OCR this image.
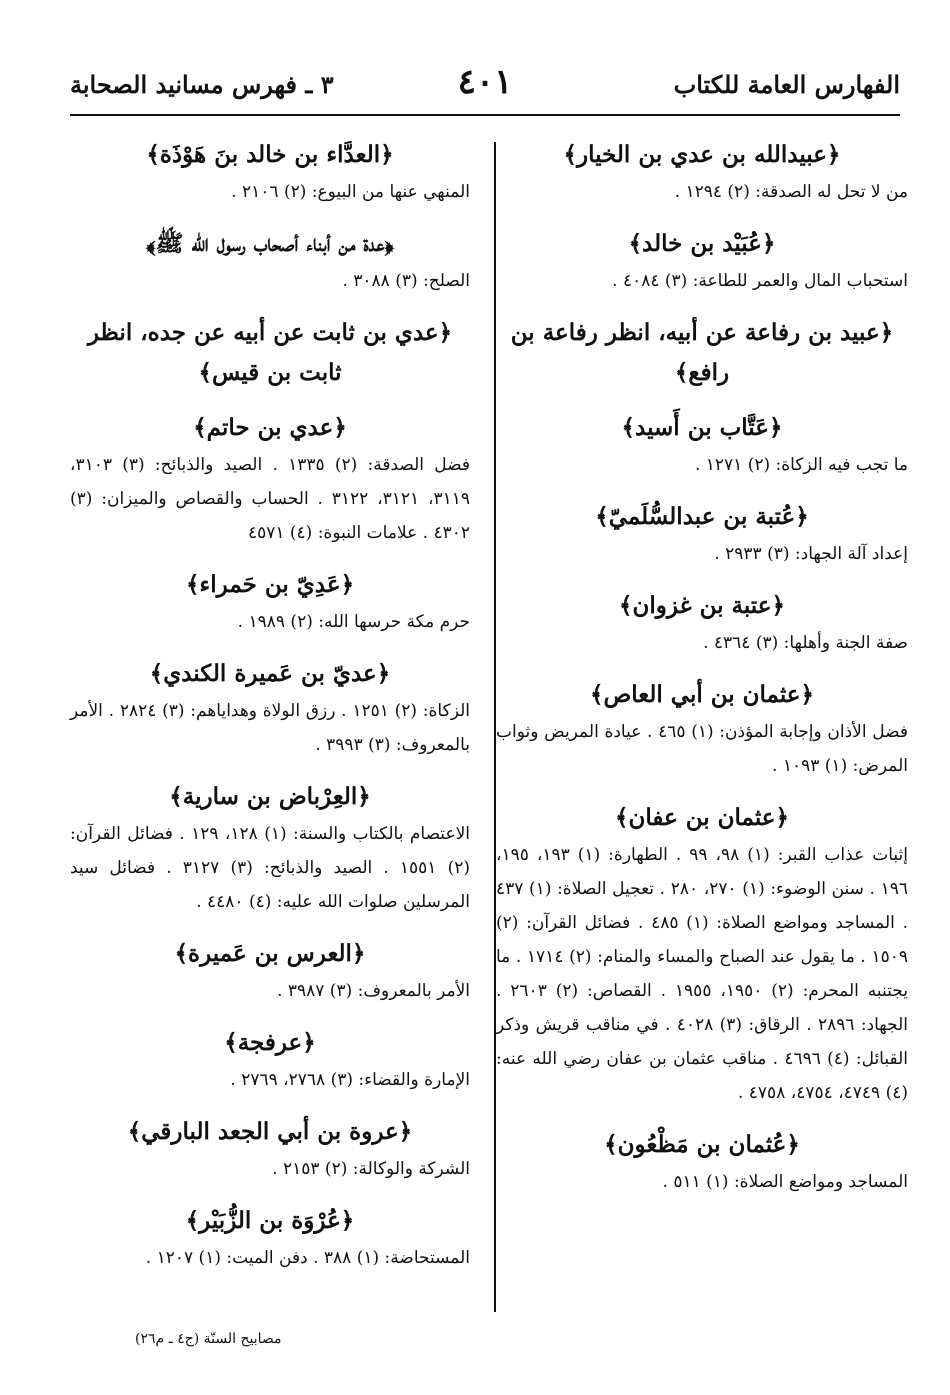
الفهارس العامة للكتاب
٤٠١
٣ ـ فهرس مسانيد الصحابة
﴿عبيدالله بن عدي بن الخيار﴾
من لا تحل له الصدقة: (٢) ١٢٩٤ .
﴿عُبَيْد بن خالد﴾
استحباب المال والعمر للطاعة: (٣) ٤٠٨٤ .
﴿عبيد بن رفاعة عن أبيه، انظر رفاعة بن رافع﴾
﴿عَتَّاب بن أَسيد﴾
ما تجب فيه الزكاة: (٢) ١٢٧١ .
﴿عُتبة بن عبدالسُّلَميّ﴾
إعداد آلة الجهاد: (٣) ٢٩٣٣ .
﴿عتبة بن غزوان﴾
صفة الجنة وأهلها: (٣) ٤٣٦٤ .
﴿عثمان بن أبي العاص﴾
فضل الأذان وإجابة المؤذن: (١) ٤٦٥ . عيادة المريض وثواب المرض: (١) ١٠٩٣ .
﴿عثمان بن عفان﴾
إثبات عذاب القبر: (١) ٩٨، ٩٩ . الطهارة: (١) ١٩٣، ١٩٥، ١٩٦ . سنن الوضوء: (١) ٢٧٠، ٢٨٠ . تعجيل الصلاة: (١) ٤٣٧ . المساجد ومواضع الصلاة: (١) ٤٨٥ . فضائل القرآن: (٢) ١٥٠٩ . ما يقول عند الصباح والمساء والمنام: (٢) ١٧١٤ . ما يجتنبه المحرم: (٢) ١٩٥٠، ١٩٥٥ . القصاص: (٢) ٢٦٠٣ . الجهاد: ٢٨٩٦ . الرقاق: (٣) ٤٠٢٨ . في مناقب قريش وذكر القبائل: (٤) ٤٦٩٦ . مناقب عثمان بن عفان رضي الله عنه: (٤) ٤٧٤٩، ٤٧٥٤، ٤٧٥٨ .
﴿عُثمان بن مَظْعُون﴾
المساجد ومواضع الصلاة: (١) ٥١١ .
﴿العدَّاء بن خالد بنَ هَوْذَة﴾
المنهي عنها من البيوع: (٢) ٢١٠٦ .
﴿عدة من أبناء أصحاب رسول الله ﷺ﴾
الصلح: (٣) ٣٠٨٨ .
﴿عدي بن ثابت عن أبيه عن جده، انظر ثابت بن قيس﴾
﴿عدي بن حاتم﴾
فضل الصدقة: (٢) ١٣٣٥ . الصيد والذبائح: (٣) ٣١٠٣، ٣١١٩، ٣١٢١، ٣١٢٢ . الحساب والقصاص والميزان: (٣) ٤٣٠٢ . علامات النبوة: (٤) ٤٥٧١
﴿عَدِيّ بن حَمراء﴾
حرم مكة حرسها الله: (٢) ١٩٨٩ .
﴿عديّ بن عَميرة الكندي﴾
الزكاة: (٢) ١٢٥١ . رزق الولاة وهداياهم: (٣) ٢٨٢٤ . الأمر بالمعروف: (٣) ٣٩٩٣ .
﴿العِرْباض بن سارية﴾
الاعتصام بالكتاب والسنة: (١) ١٢٨، ١٢٩ . فضائل القرآن: (٢) ١٥٥١ . الصيد والذبائح: (٣) ٣١٢٧ . فضائل سيد المرسلين صلوات الله عليه: (٤) ٤٤٨٠ .
﴿العرس بن عَميرة﴾
الأمر بالمعروف: (٣) ٣٩٨٧ .
﴿عرفجة﴾
الإمارة والقضاء: (٣) ٢٧٦٨، ٢٧٦٩ .
﴿عروة بن أبي الجعد البارقي﴾
الشركة والوكالة: (٢) ٢١٥٣ .
﴿عُرْوَة بن الزُّبَيْر﴾
المستحاضة: (١) ٣٨٨ . دفن الميت: (١) ١٢٠٧ .
مصابيح السنّة (ج٤ ـ م٢٦)
